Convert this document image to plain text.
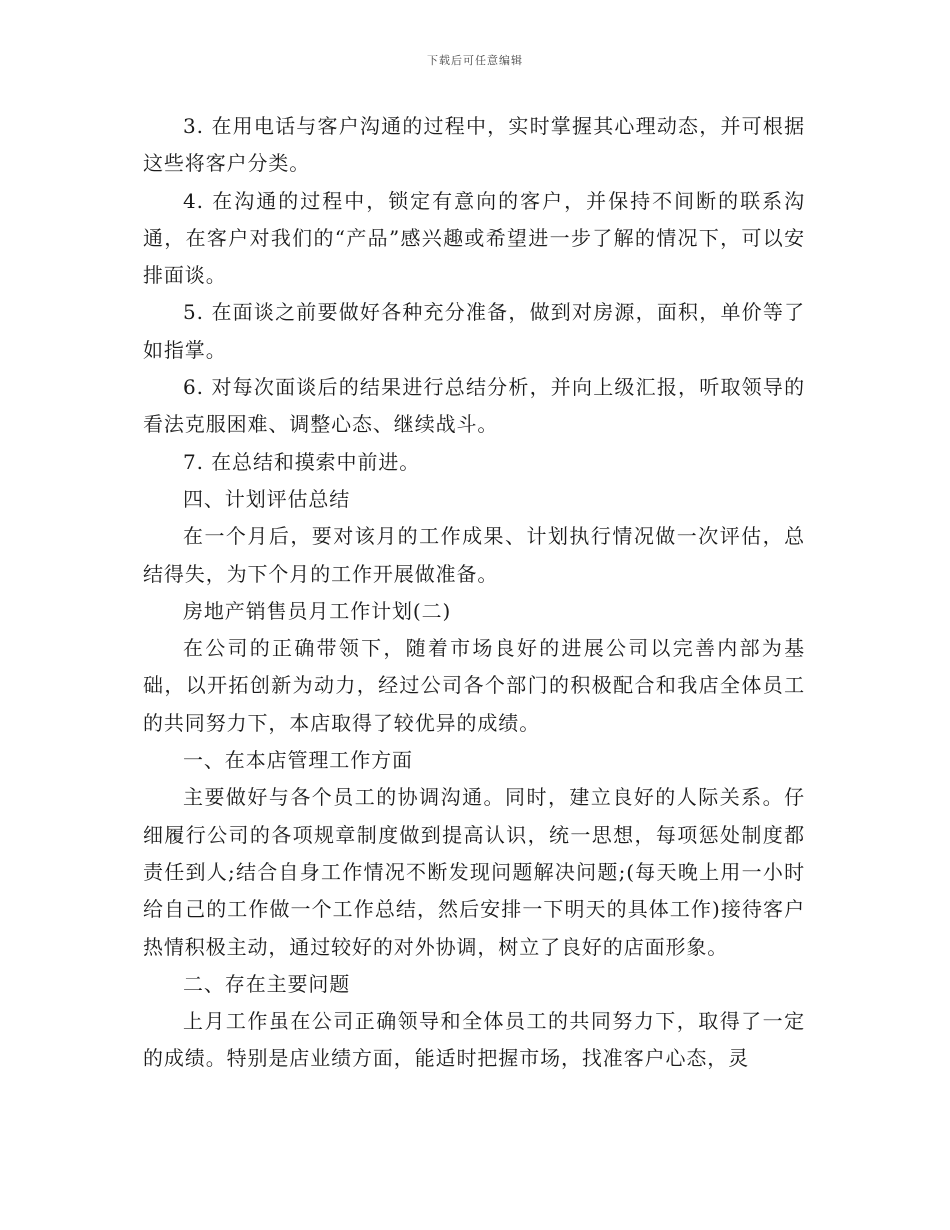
下载后可任意编辑

3. 在用电话与客户沟通的过程中，实时掌握其心理动态，并可根据这些将客户分类。

4. 在沟通的过程中，锁定有意向的客户，并保持不间断的联系沟通，在客户对我们的“产品”感兴趣或希望进一步了解的情况下，可以安排面谈。

5. 在面谈之前要做好各种充分准备，做到对房源，面积，单价等了如指掌。

6. 对每次面谈后的结果进行总结分析，并向上级汇报，听取领导的看法克服困难、调整心态、继续战斗。

7. 在总结和摸索中前进。

四、计划评估总结

在一个月后，要对该月的工作成果、计划执行情况做一次评估，总结得失，为下个月的工作开展做准备。

房地产销售员月工作计划(二)

在公司的正确带领下，随着市场良好的进展公司以完善内部为基础，以开拓创新为动力，经过公司各个部门的积极配合和我店全体员工的共同努力下，本店取得了较优异的成绩。

一、在本店管理工作方面

主要做好与各个员工的协调沟通。同时，建立良好的人际关系。仔细履行公司的各项规章制度做到提高认识，统一思想，每项惩处制度都责任到人;结合自身工作情况不断发现问题解决问题;(每天晚上用一小时给自己的工作做一个工作总结，然后安排一下明天的具体工作)接待客户热情积极主动，通过较好的对外协调，树立了良好的店面形象。

二、存在主要问题

上月工作虽在公司正确领导和全体员工的共同努力下，取得了一定的成绩。特别是店业绩方面，能适时把握市场，找准客户心态，灵
